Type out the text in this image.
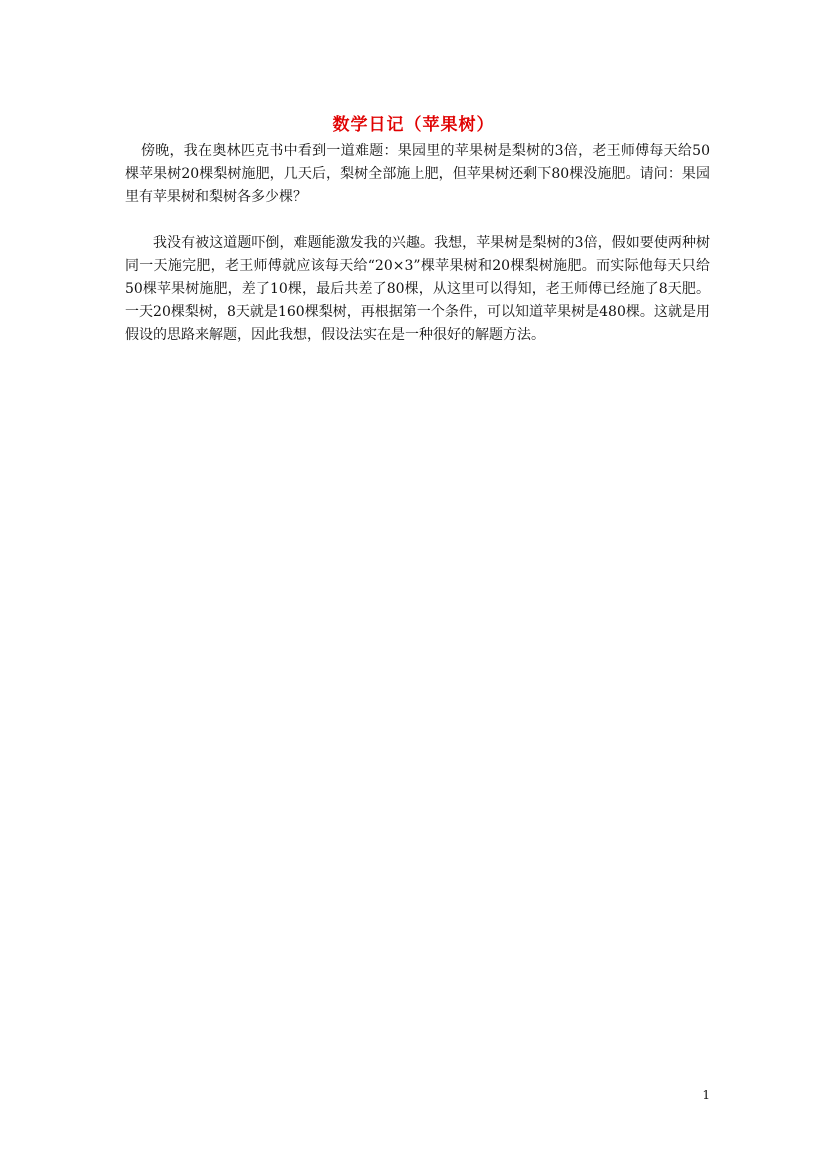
数学日记（苹果树）

傍晚，我在奥林匹克书中看到一道难题：果园里的苹果树是梨树的3倍，老王师傅每天给50棵苹果树20棵梨树施肥，几天后，梨树全部施上肥，但苹果树还剩下80棵没施肥。请问：果园里有苹果树和梨树各多少棵？

我没有被这道题吓倒，难题能激发我的兴趣。我想，苹果树是梨树的3倍，假如要使两种树同一天施完肥，老王师傅就应该每天给“20×3”棵苹果树和20棵梨树施肥。而实际他每天只给50棵苹果树施肥，差了10棵，最后共差了80棵，从这里可以得知，老王师傅已经施了8天肥。一天20棵梨树，8天就是160棵梨树，再根据第一个条件，可以知道苹果树是480棵。这就是用假设的思路来解题，因此我想，假设法实在是一种很好的解题方法。

1
